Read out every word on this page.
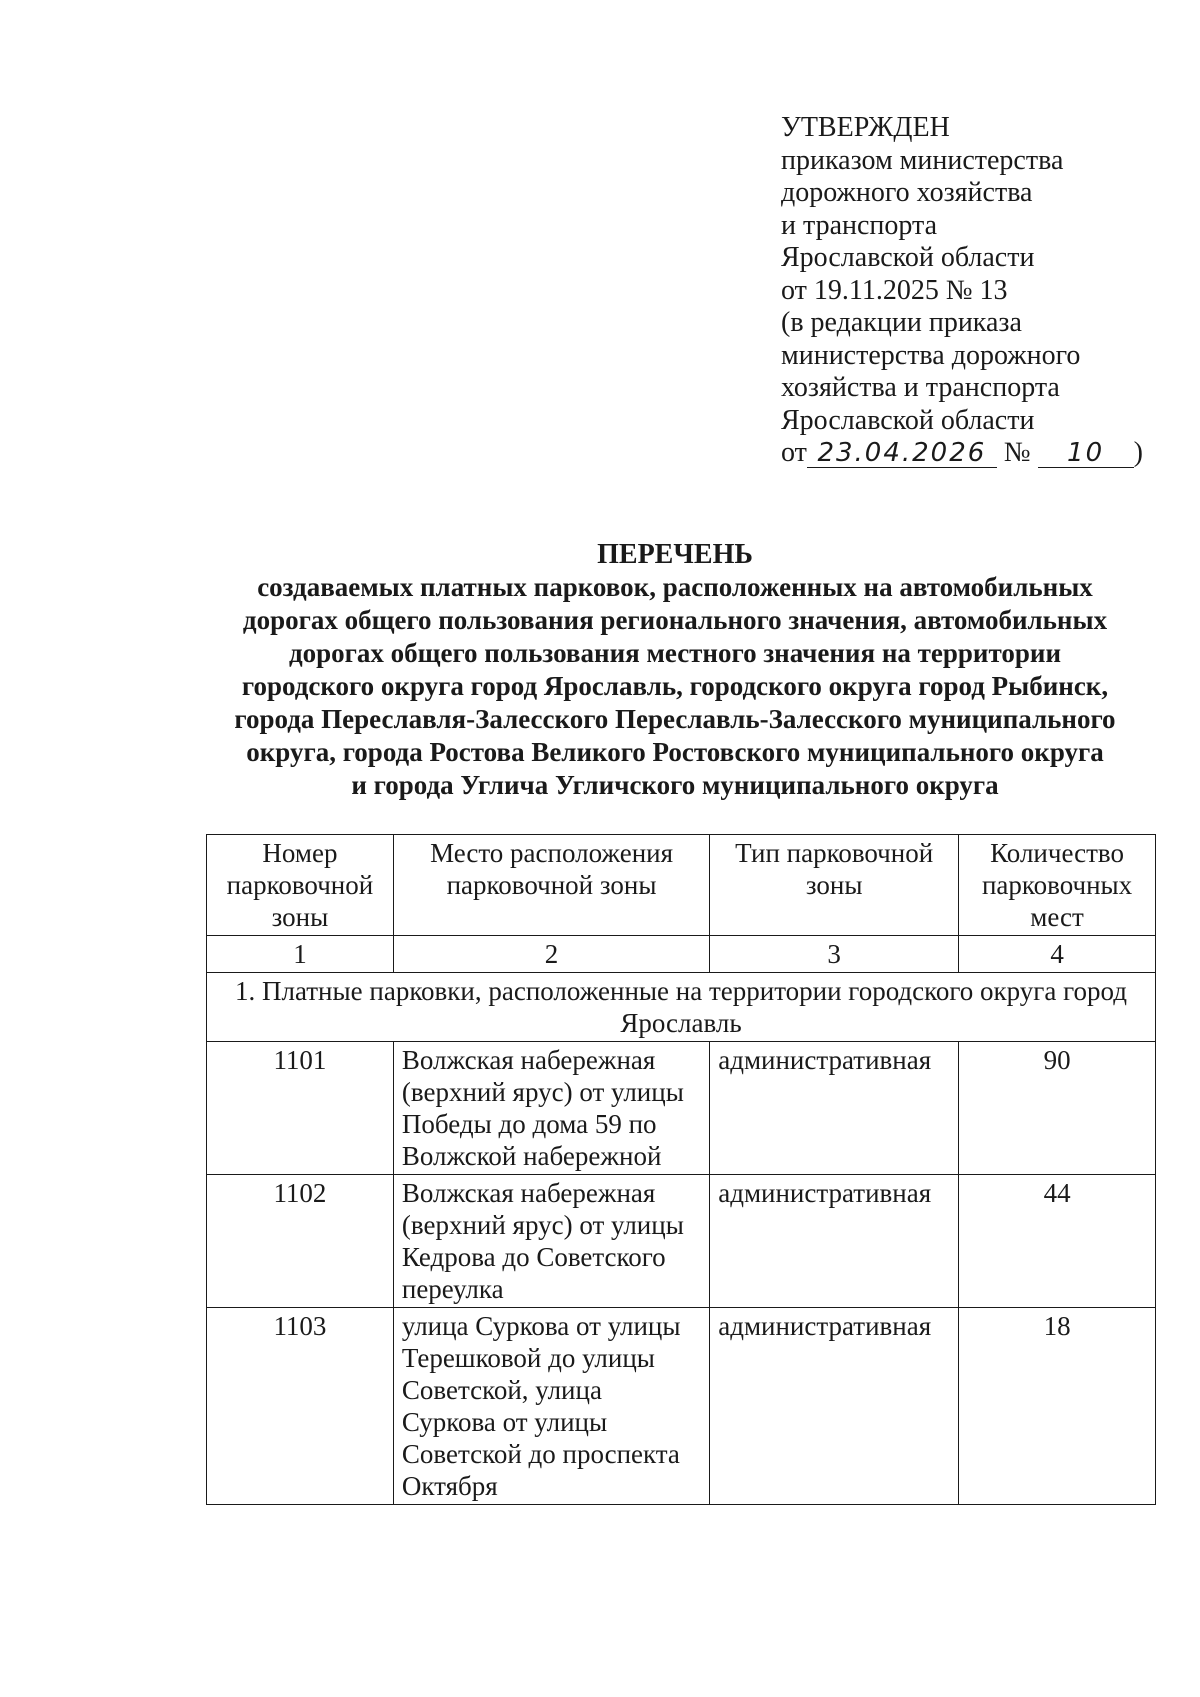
УТВЕРЖДЕН
приказом министерства
дорожного хозяйства
и транспорта
Ярославской области
от 19.11.2025 № 13
(в редакции приказа
министерства дорожного
хозяйства и транспорта
Ярославской области
от 23.04.2026 № 10 )
ПЕРЕЧЕНЬ
создаваемых платных парковок, расположенных на автомобильных
дорогах общего пользования регионального значения, автомобильных
дорогах общего пользования местного значения на территории
городского округа город Ярославль, городского округа город Рыбинск,
города Переславля-Залесского Переславль-Залесского муниципального
округа, города Ростова Великого Ростовского муниципального округа
и города Углича Угличского муниципального округа
Номер парковочной зоны	Место расположения парковочной зоны	Тип парковочной зоны	Количество парковочных мест
1	2	3	4
1. Платные парковки, расположенные на территории городского округа город Ярославль			
1101	Волжская набережная (верхний ярус) от улицы Победы до дома 59 по Волжской набережной	административная	90
1102	Волжская набережная (верхний ярус) от улицы Кедрова до Советского переулка	административная	44
1103	улица Суркова от улицы Терешковой до улицы Советской, улица Суркова от улицы Советской до проспекта Октября	административная	18
